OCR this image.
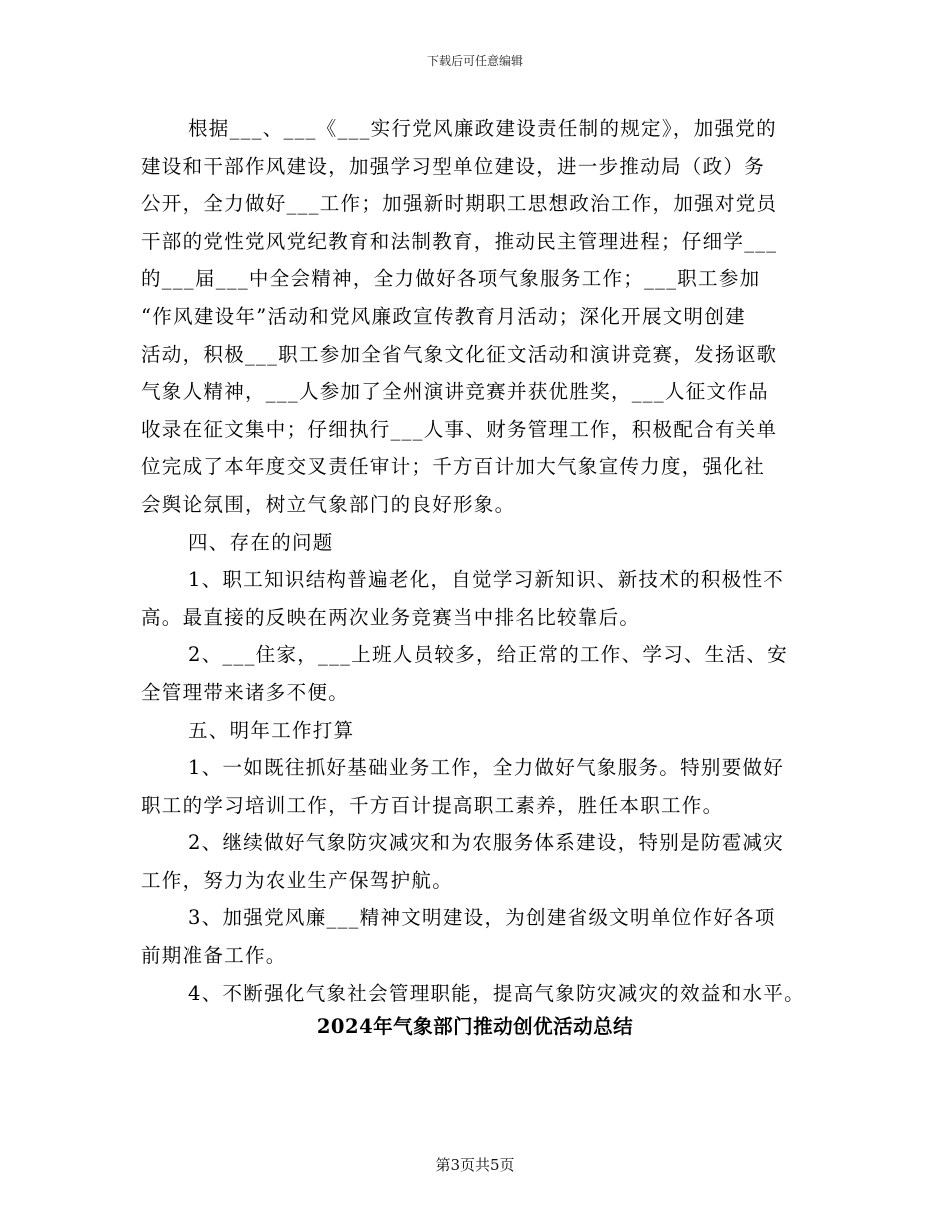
下载后可任意编辑
根据___、___《___实行党风廉政建设责任制的规定》，加强党的
建设和干部作风建设，加强学习型单位建设，进一步推动局（政）务
公开，全力做好___工作；加强新时期职工思想政治工作，加强对党员
干部的党性党风党纪教育和法制教育，推动民主管理进程；仔细学___
的___届___中全会精神，全力做好各项气象服务工作；___职工参加
“作风建设年”活动和党风廉政宣传教育月活动；深化开展文明创建
活动，积极___职工参加全省气象文化征文活动和演讲竞赛，发扬讴歌
气象人精神，___人参加了全州演讲竞赛并获优胜奖，___人征文作品
收录在征文集中；仔细执行___人事、财务管理工作，积极配合有关单
位完成了本年度交叉责任审计；千方百计加大气象宣传力度，强化社
会舆论氛围，树立气象部门的良好形象。
四、存在的问题
1、职工知识结构普遍老化，自觉学习新知识、新技术的积极性不
高。最直接的反映在两次业务竞赛当中排名比较靠后。
2、___住家，___上班人员较多，给正常的工作、学习、生活、安
全管理带来诸多不便。
五、明年工作打算
1、一如既往抓好基础业务工作，全力做好气象服务。特别要做好
职工的学习培训工作，千方百计提高职工素养，胜任本职工作。
2、继续做好气象防灾减灾和为农服务体系建设，特别是防雹减灾
工作，努力为农业生产保驾护航。
3、加强党风廉___精神文明建设，为创建省级文明单位作好各项
前期准备工作。
4、不断强化气象社会管理职能，提高气象防灾减灾的效益和水平。
2024年气象部门推动创优活动总结
第3页共5页
